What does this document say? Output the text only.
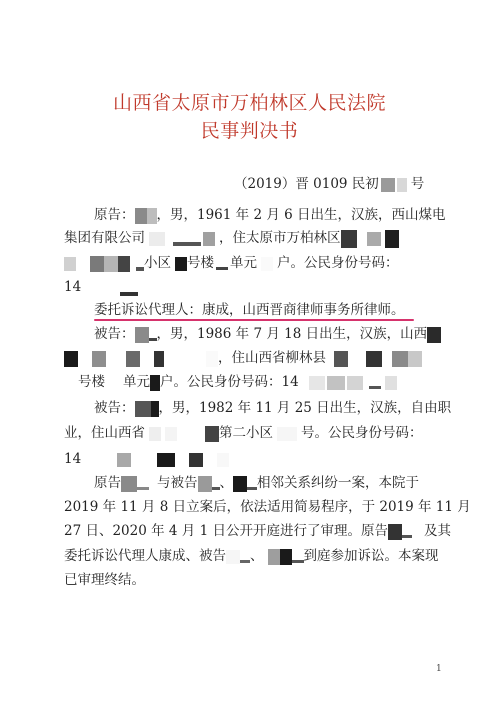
山西省太原市万柏林区人民法院
民事判决书
（2019）晋 0109 民初 号
原告： ，男，1961 年 2 月 6 日出生，汉族，西山煤电
集团有限公司	，住太原市万柏林区
小区 号楼 单元 户。公民身份号码：
14
委托诉讼代理人：康成，山西晋商律师事务所律师。
被告： ，男，1986 年 7 月 18 日出生，汉族，山西
，住山西省柳林县
号楼 单元 户。公民身份号码：14
被告： ，男，1982 年 11 月 25 日出生，汉族，自由职
业，住山西省	第二小区 号。公民身份号码：
14
原告	与被告 、 相邻关系纠纷一案，本院于
2019 年 11 月 8 日立案后，依法适用简易程序，于 2019 年 11 月
27 日、2020 年 4 月 1 日公开开庭进行了审理。原告	及其
委托诉讼代理人康成、被告 、	到庭参加诉讼。本案现
已审理终结。
1
